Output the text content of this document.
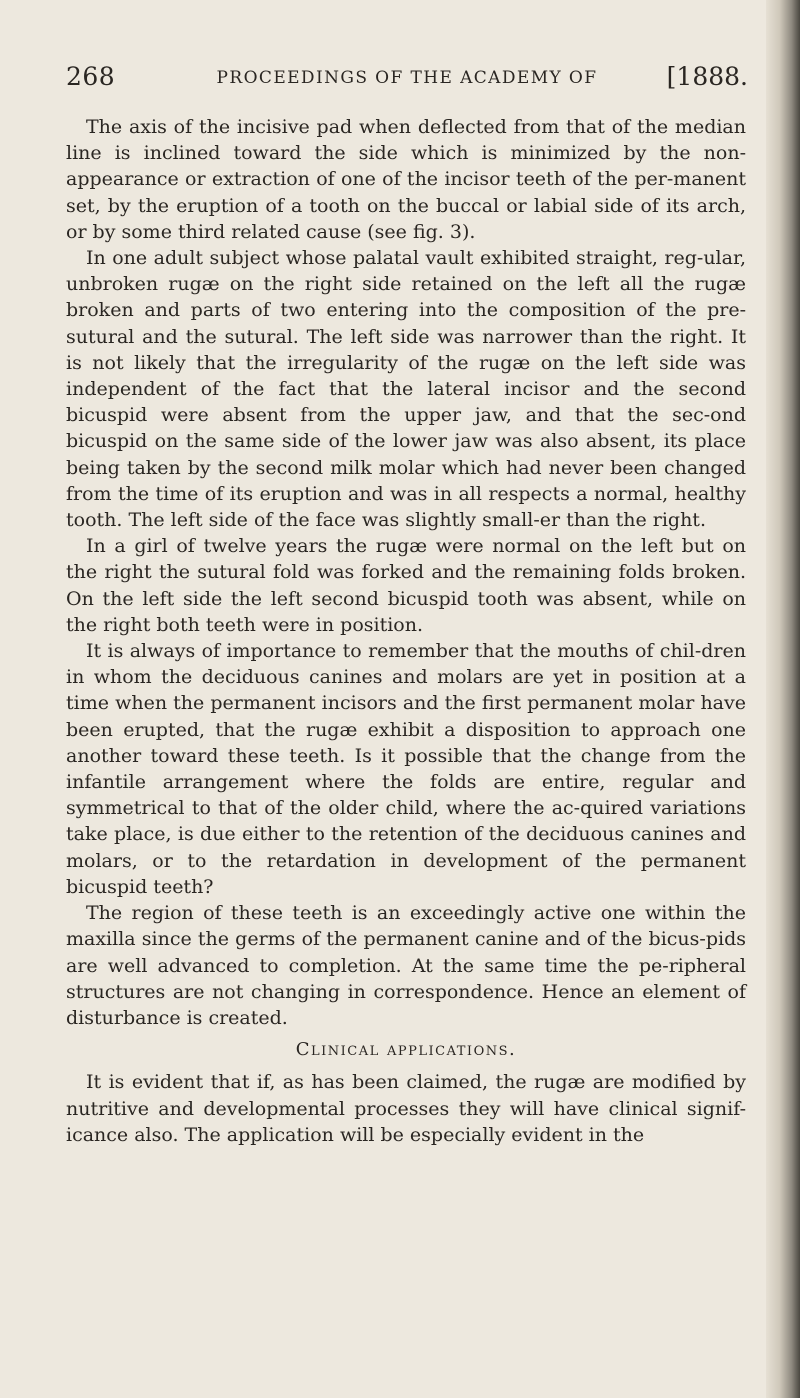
268	PROCEEDINGS OF THE ACADEMY OF	[1888.

The axis of the incisive pad when deflected from that of the median line is inclined toward the side which is minimized by the non-appearance or extraction of one of the incisor teeth of the per-manent set, by the eruption of a tooth on the buccal or labial side of its arch, or by some third related cause (see fig. 3).

In one adult subject whose palatal vault exhibited straight, reg-ular, unbroken rugæ on the right side retained on the left all the rugæ broken and parts of two entering into the composition of the pre-sutural and the sutural. The left side was narrower than the right. It is not likely that the irregularity of the rugæ on the left side was independent of the fact that the lateral incisor and the second bicuspid were absent from the upper jaw, and that the sec-ond bicuspid on the same side of the lower jaw was also absent, its place being taken by the second milk molar which had never been changed from the time of its eruption and was in all respects a normal, healthy tooth. The left side of the face was slightly small-er than the right.

In a girl of twelve years the rugæ were normal on the left but on the right the sutural fold was forked and the remaining folds broken. On the left side the left second bicuspid tooth was absent, while on the right both teeth were in position.

It is always of importance to remember that the mouths of chil-dren in whom the deciduous canines and molars are yet in position at a time when the permanent incisors and the first permanent molar have been erupted, that the rugæ exhibit a disposition to approach one another toward these teeth. Is it possible that the change from the infantile arrangement where the folds are entire, regular and symmetrical to that of the older child, where the ac-quired variations take place, is due either to the retention of the deciduous canines and molars, or to the retardation in development of the permanent bicuspid teeth?

The region of these teeth is an exceedingly active one within the maxilla since the germs of the permanent canine and of the bicus-pids are well advanced to completion. At the same time the pe-ripheral structures are not changing in correspondence. Hence an element of disturbance is created.

Clinical applications.

It is evident that if, as has been claimed, the rugæ are modified by nutritive and developmental processes they will have clinical signif-icance also. The application will be especially evident in the
